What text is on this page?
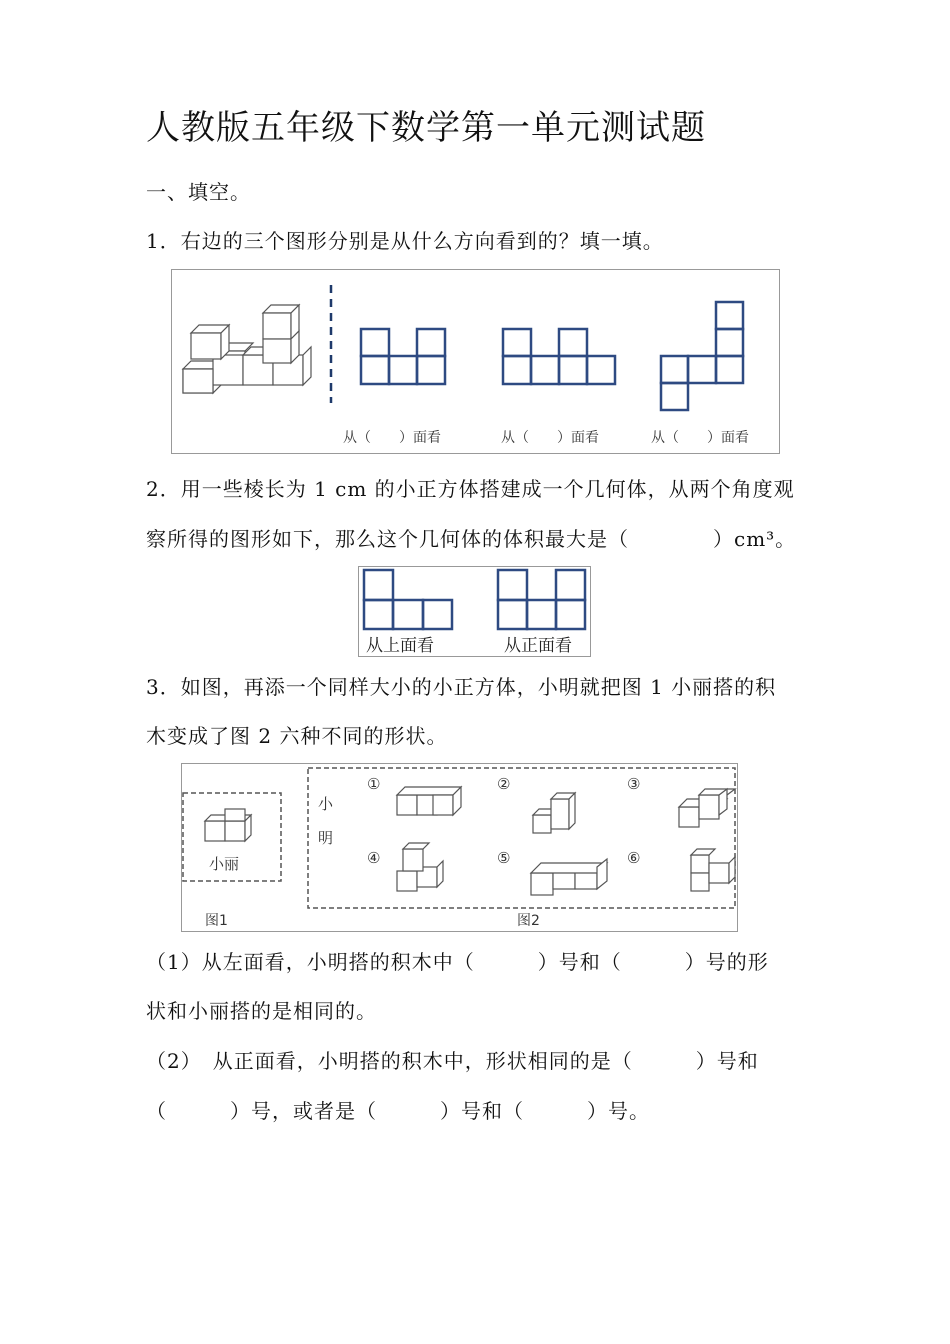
人教版五年级下数学第一单元测试题
一、填空。
1．右边的三个图形分别是从什么方向看到的？填一填。
从（　　）面看	从（　　）面看	从（　　）面看
2．用一些棱长为 1 cm 的小正方体搭建成一个几何体，从两个角度观
察所得的图形如下，那么这个几何体的体积最大是（　　　　）cm³。
从上面看	从正面看
3．如图，再添一个同样大小的小正方体，小明就把图 1 小丽搭的积
木变成了图 2 六种不同的形状。
小丽
小
明
①	②	③
④	⑤	⑥
图1	图2
（1）从左面看，小明搭的积木中（　　　）号和（　　　）号的形
状和小丽搭的是相同的。
（2）　从正面看，小明搭的积木中，形状相同的是（　　　）号和
（　　　）号，或者是（　　　）号和（　　　）号。
